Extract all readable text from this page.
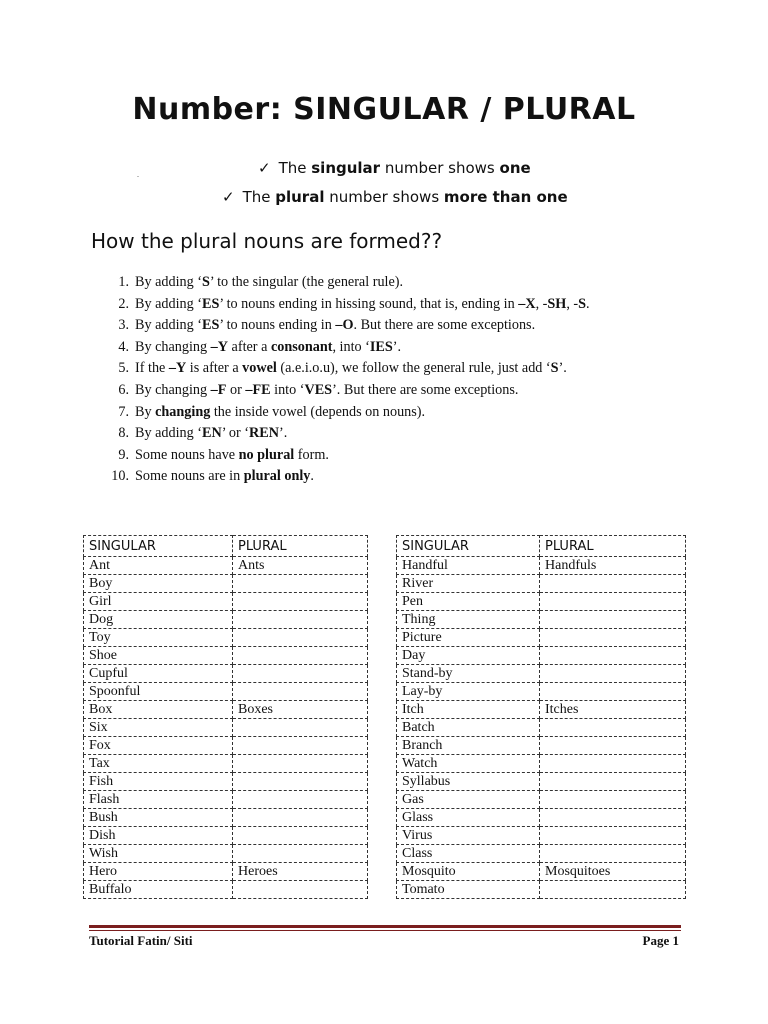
Number: SINGULAR / PLURAL
✓ The singular number shows one
.
✓ The plural number shows more than one
How the plural nouns are formed??
1. By adding ‘S’ to the singular (the general rule).
2. By adding ‘ES’ to nouns ending in hissing sound, that is, ending in –X, -SH, -S.
3. By adding ‘ES’ to nouns ending in –O. But there are some exceptions.
4. By changing –Y after a consonant, into ‘IES’.
5. If the –Y is after a vowel (a.e.i.o.u), we follow the general rule, just add ‘S’.
6. By changing –F or –FE into ‘VES’. But there are some exceptions.
7. By changing the inside vowel (depends on nouns).
8. By adding ‘EN’ or ‘REN’.
9. Some nouns have no plural form.
10. Some nouns are in plural only.
SINGULAR	PLURAL
Ant	Ants
Boy	
Girl	
Dog	
Toy	
Shoe	
Cupful	
Spoonful	
Box	Boxes
Six	
Fox	
Tax	
Fish	
Flash	
Bush	
Dish	
Wish	
Hero	Heroes
Buffalo	
SINGULAR	PLURAL
Handful	Handfuls
River	
Pen	
Thing	
Picture	
Day	
Stand-by	
Lay-by	
Itch	Itches
Batch	
Branch	
Watch	
Syllabus	
Gas	
Glass	
Virus	
Class	
Mosquito	Mosquitoes
Tomato	
Tutorial Fatin/ Siti	Page 1
